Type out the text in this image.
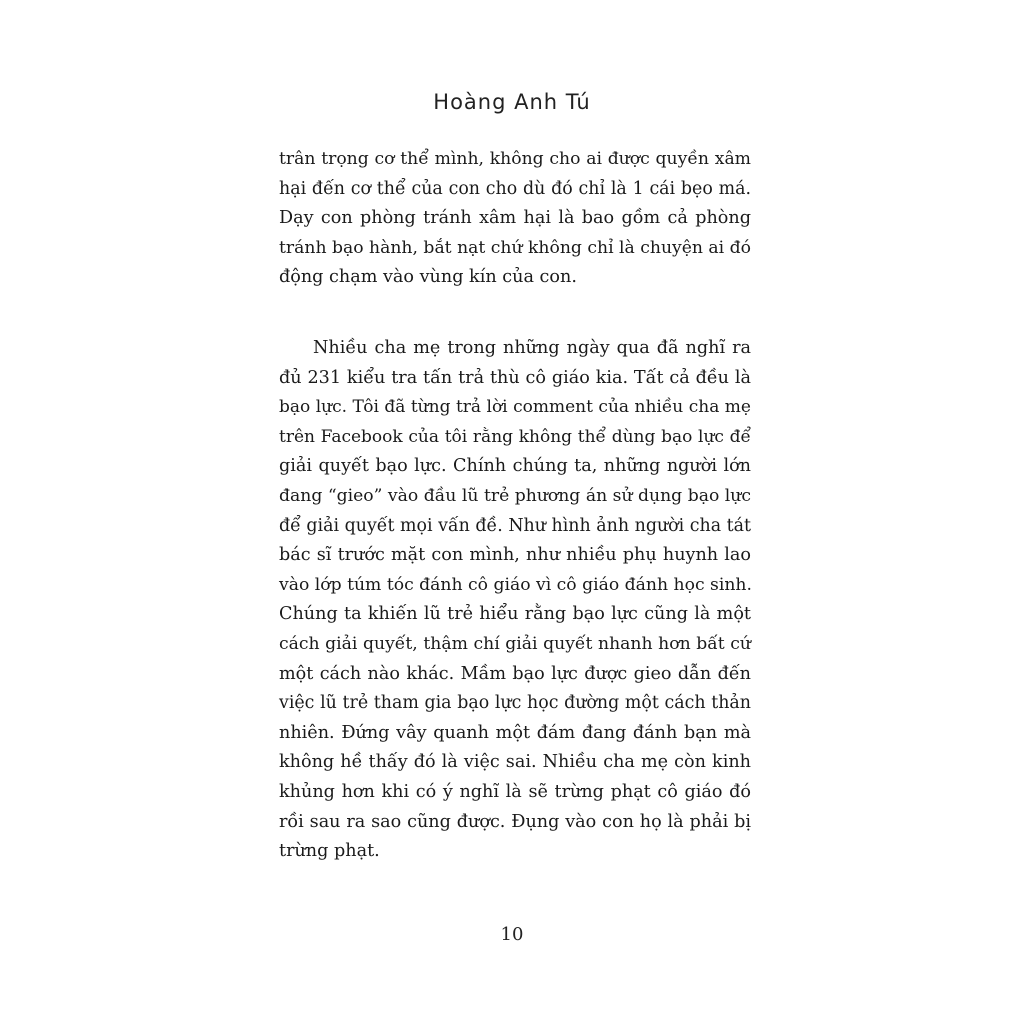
Hoàng Anh Tú
trân trọng cơ thể mình, không cho ai được quyền xâm
hại đến cơ thể của con cho dù đó chỉ là 1 cái bẹo má.
Dạy con phòng tránh xâm hại là bao gồm cả phòng
tránh bạo hành, bắt nạt chứ không chỉ là chuyện ai đó
động chạm vào vùng kín của con.
Nhiều cha mẹ trong những ngày qua đã nghĩ ra
đủ 231 kiểu tra tấn trả thù cô giáo kia. Tất cả đều là
bạo lực. Tôi đã từng trả lời comment của nhiều cha mẹ
trên Facebook của tôi rằng không thể dùng bạo lực để
giải quyết bạo lực. Chính chúng ta, những người lớn
đang “gieo” vào đầu lũ trẻ phương án sử dụng bạo lực
để giải quyết mọi vấn đề. Như hình ảnh người cha tát
bác sĩ trước mặt con mình, như nhiều phụ huynh lao
vào lớp túm tóc đánh cô giáo vì cô giáo đánh học sinh.
Chúng ta khiến lũ trẻ hiểu rằng bạo lực cũng là một
cách giải quyết, thậm chí giải quyết nhanh hơn bất cứ
một cách nào khác. Mầm bạo lực được gieo dẫn đến
việc lũ trẻ tham gia bạo lực học đường một cách thản
nhiên. Đứng vây quanh một đám đang đánh bạn mà
không hề thấy đó là việc sai. Nhiều cha mẹ còn kinh
khủng hơn khi có ý nghĩ là sẽ trừng phạt cô giáo đó
rồi sau ra sao cũng được. Đụng vào con họ là phải bị
trừng phạt.
10
